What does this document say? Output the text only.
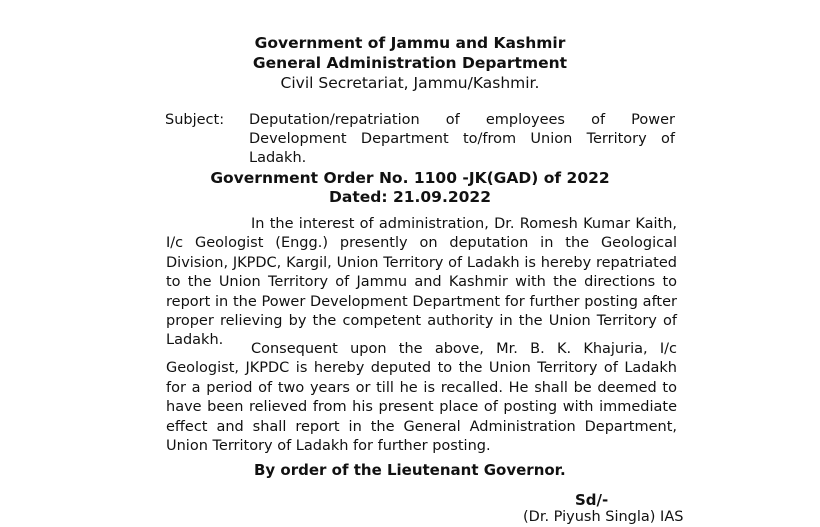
Government of Jammu and Kashmir
General Administration Department
Civil Secretariat, Jammu/Kashmir.
Subject: Deputation/repatriation of employees of Power Development Department to/from Union Territory of Ladakh.
Government Order No. 1100 -JK(GAD) of 2022
Dated: 21.09.2022
In the interest of administration, Dr. Romesh Kumar Kaith, I/c Geologist (Engg.) presently on deputation in the Geological Division, JKPDC, Kargil, Union Territory of Ladakh is hereby repatriated to the Union Territory of Jammu and Kashmir with the directions to report in the Power Development Department for further posting after proper relieving by the competent authority in the Union Territory of Ladakh.
Consequent upon the above, Mr. B. K. Khajuria, I/c Geologist, JKPDC is hereby deputed to the Union Territory of Ladakh for a period of two years or till he is recalled. He shall be deemed to have been relieved from his present place of posting with immediate effect and shall report in the General Administration Department, Union Territory of Ladakh for further posting.
By order of the Lieutenant Governor.
Sd/-
(Dr. Piyush Singla) IAS
